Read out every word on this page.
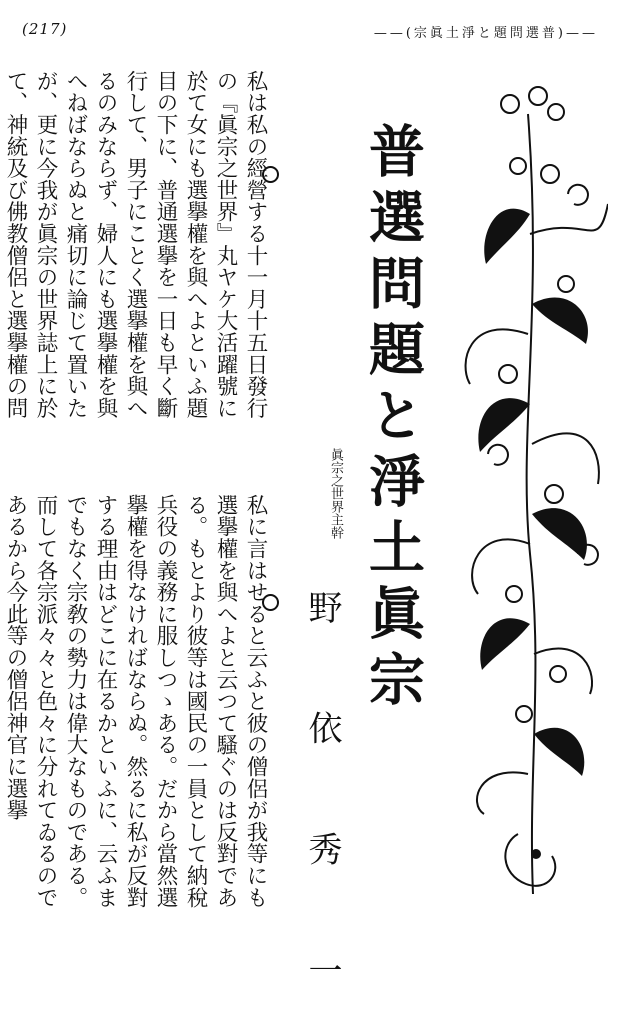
(217)	——(宗眞土淨と題問選普)——
普選問題と淨土眞宗
眞宗之世界主幹
野 依 秀 一
私は私の經營する十一月十五日發行の『眞宗之世界』丸ヤケ大活躍號に於て女にも選擧權を與へよといふ題目の下に、普通選擧を一日も早く斷行して、男子にことく選擧權を與へるのみならず、婦人にも選擧權を與へねばならぬと痛切に論じて置いたが、更に今我が眞宗の世界誌上に於て、神統及び佛教僧侶と選擧權の問
私に言はせると云ふと彼の僧侶が我等にも選擧權を與へよと云つて騷ぐのは反對である。もとより彼等は國民の一員として納稅兵役の義務に服しつゝある。だから當然選擧權を得なければならぬ。然るに私が反對する理由はどこに在るかといふに、云ふまでもなく宗敎の勢力は偉大なものである。而して各宗派々々と色々に分れてゐるのであるから今此等の僧侶神官に選擧
